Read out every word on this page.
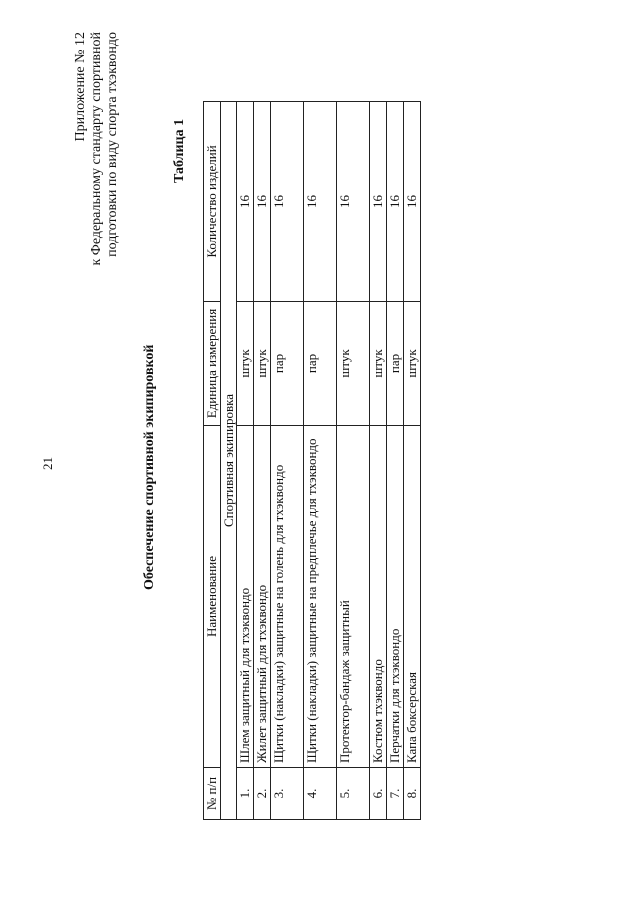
21
Приложение № 12 к Федеральному стандарту спортивной подготовки по виду спорта тхэквондо
Обеспечение спортивной экипировкой
Таблица 1
№ п/п	Наименование	Единица измерения	Количество изделий
Спортивная экипировка			
1.	Шлем защитный для тхэквондо	штук	16
2.	Жилет защитный для тхэквондо	штук	16
3.	Щитки (накладки) защитные на голень для тхэквондо	пар	16
4.	Щитки (накладки) защитные на предплечье для тхэквондо	пар	16
5.	Протектор-бандаж защитный	штук	16
6.	Костюм тхэквондо	штук	16
7.	Перчатки для тхэквондо	пар	16
8.	Капа боксерская	штук	16
